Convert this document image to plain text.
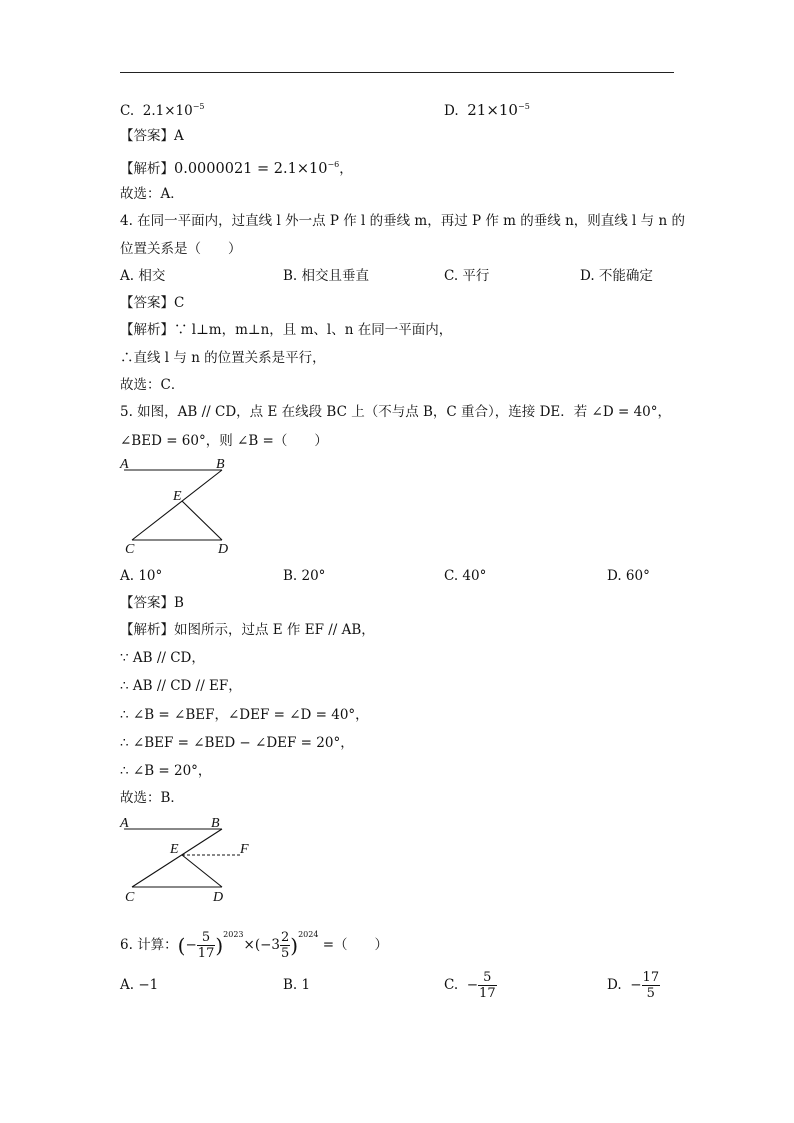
C. $2.1\times 10^{-5}$	D. $21\times 10^{-5}$
【答案】A
【解析】$0.0000021 = 2.1\times 10^{-6}$，
故选：A．
4. 在同一平面内，过直线 l 外一点 P 作 l 的垂线 m，再过 P 作 m 的垂线 n，则直线 l 与 n 的
位置关系是（　　）
A. 相交	B. 相交且垂直	C. 平行	D. 不能确定
【答案】C
【解析】∵ l⊥m，m⊥n，且 m、l、n 在同一平面内，
∴直线 l 与 n 的位置关系是平行，
故选：C．
5. 如图，AB // CD，点 E 在线段 BC 上（不与点 B，C 重合），连接 DE．若 ∠D = 40°，
∠BED = 60°，则 ∠B =（　　）
A	B
E
C	D
A. 10°	B. 20°	C. 40°	D. 60°
【答案】B
【解析】如图所示，过点 E 作 EF // AB，
∵ AB // CD，
∴ AB // CD // EF，
∴ ∠B = ∠BEF，∠DEF = ∠D = 40°，
∴ ∠BEF = ∠BED − ∠DEF = 20°，
∴ ∠B = 20°，
故选：B．
A	B
E	F
C	D
6. 计算：(− $\frac{5}{17} )^{2023}\times(-3 \frac{2}{5} )^{2024}$ =（　　）
A. −1	B. 1	C.  − $\frac{5}{17}$	D.  − $\frac{17}{5}$
